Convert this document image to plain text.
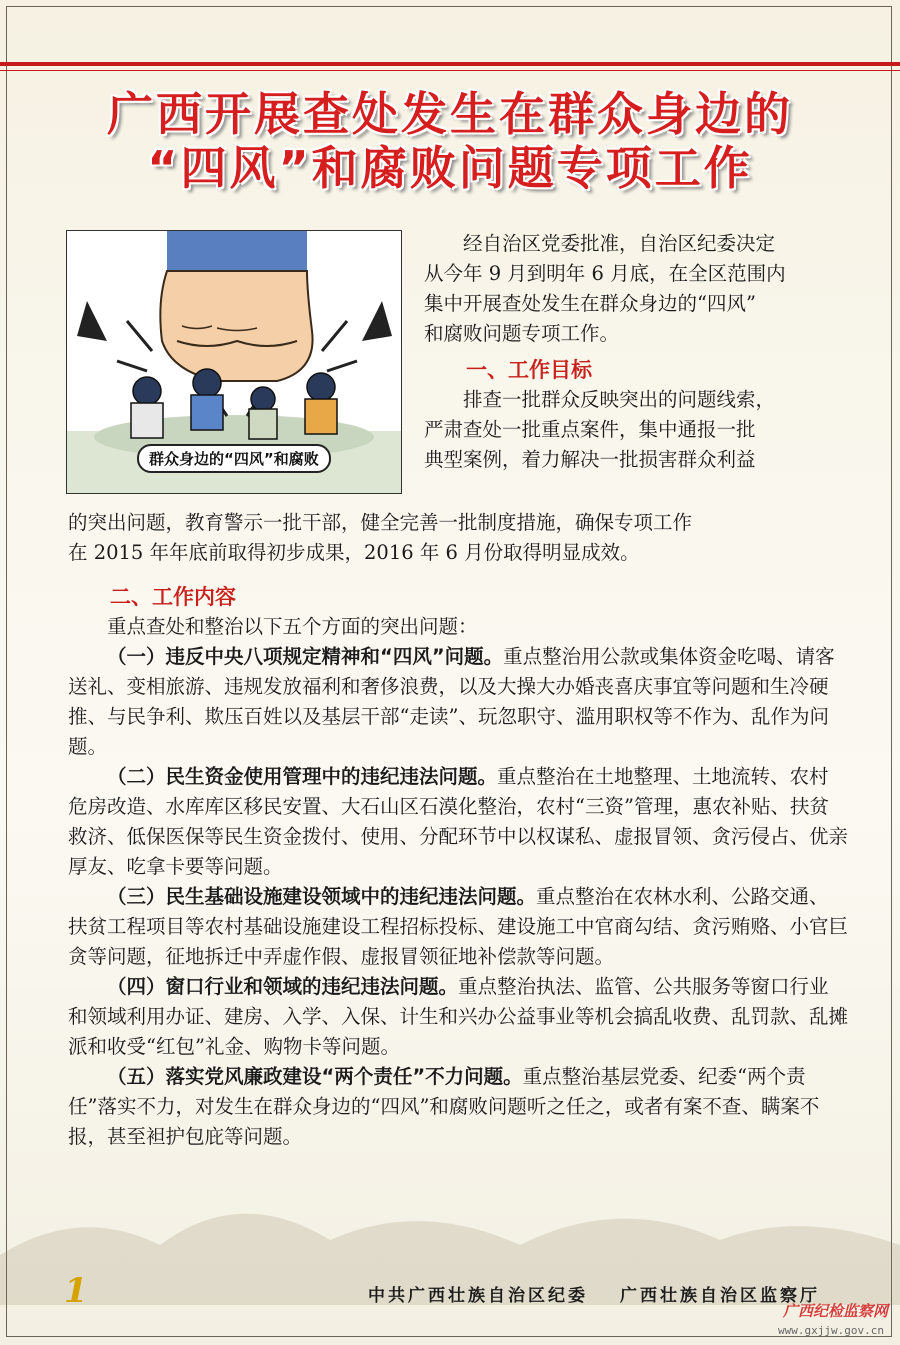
广西开展查处发生在群众身边的
“四风”和腐败问题专项工作
群众身边的“四风”和腐败

经自治区党委批准，自治区纪委决定

从今年 9 月到明年 6 月底，在全区范围内

集中开展查处发生在群众身边的“四风”

和腐败问题专项工作。

一、工作目标

排查一批群众反映突出的问题线索，

严肃查处一批重点案件，集中通报一批

典型案例，着力解决一批损害群众利益

的突出问题，教育警示一批干部，健全完善一批制度措施，确保专项工作

在 2015 年年底前取得初步成果，2016 年 6 月份取得明显成效。

二、工作内容

重点查处和整治以下五个方面的突出问题：

（一）违反中央八项规定精神和“四风”问题。重点整治用公款或集体资金吃喝、请客送礼、变相旅游、违规发放福利和奢侈浪费，以及大操大办婚丧喜庆事宜等问题和生冷硬推、与民争利、欺压百姓以及基层干部“走读”、玩忽职守、滥用职权等不作为、乱作为问题。

（二）民生资金使用管理中的违纪违法问题。重点整治在土地整理、土地流转、农村危房改造、水库库区移民安置、大石山区石漠化整治，农村“三资”管理，惠农补贴、扶贫救济、低保医保等民生资金拨付、使用、分配环节中以权谋私、虚报冒领、贪污侵占、优亲厚友、吃拿卡要等问题。

（三）民生基础设施建设领域中的违纪违法问题。重点整治在农林水利、公路交通、扶贫工程项目等农村基础设施建设工程招标投标、建设施工中官商勾结、贪污贿赂、小官巨贪等问题，征地拆迁中弄虚作假、虚报冒领征地补偿款等问题。

（四）窗口行业和领域的违纪违法问题。重点整治执法、监管、公共服务等窗口行业和领域利用办证、建房、入学、入保、计生和兴办公益事业等机会搞乱收费、乱罚款、乱摊派和收受“红包”礼金、购物卡等问题。

（五）落实党风廉政建设“两个责任”不力问题。重点整治基层党委、纪委“两个责任”落实不力，对发生在群众身边的“四风”和腐败问题听之任之，或者有案不查、瞒案不报，甚至袒护包庇等问题。

1	中共广西壮族自治区纪委 广西壮族自治区监察厅
广西纪检监察网
www.gxjjw.gov.cn
